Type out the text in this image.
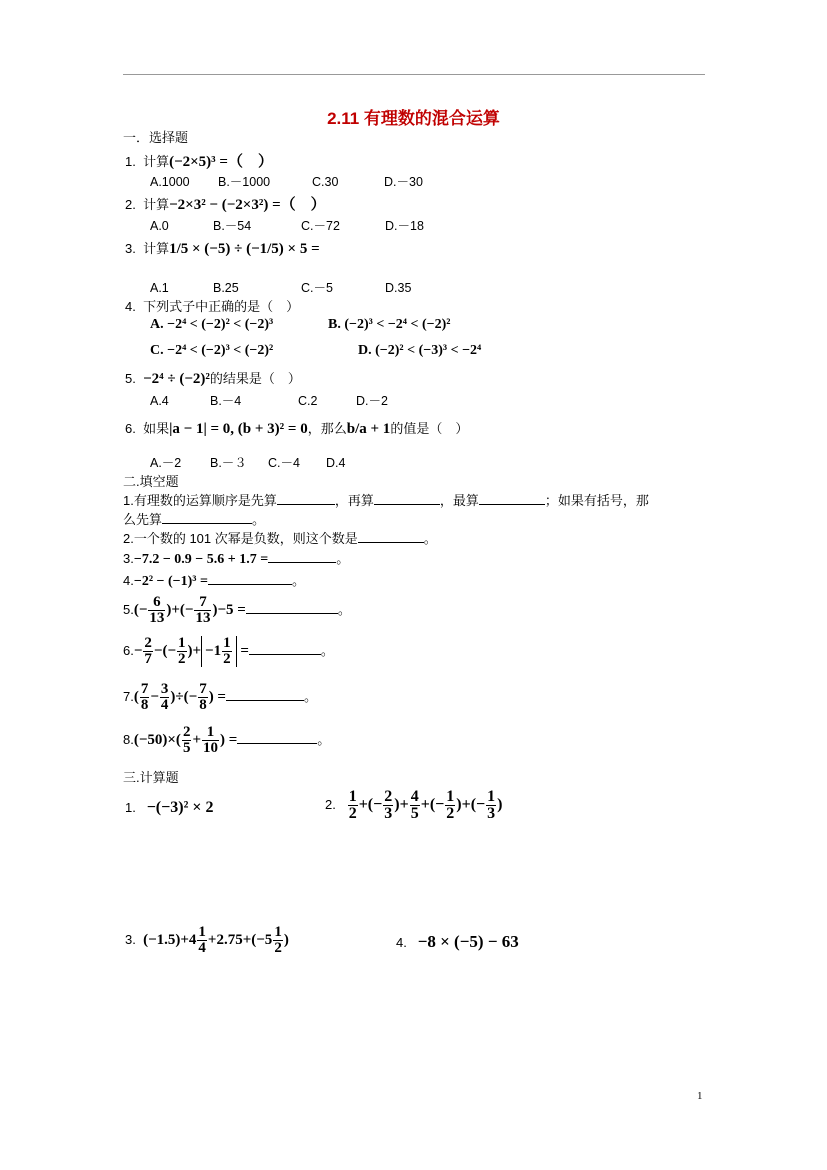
2.11 有理数的混合运算
一．选择题
1. 计算(−2×5)³ =（　）
A.1000 B.－1000	C.30	D.－30
2. 计算−2×3² − (−2×3²) =（　）
A.0	B.－54	C.－72	D.－18
3. 计算1/5 × (−5) ÷ (−1/5) × 5 =
A.1	B.25	C.－5	D.35
4. 下列式子中正确的是（　）
A. −2⁴ < (−2)² < (−2)³	B. (−2)³ < −2⁴ < (−2)²
C. −2⁴ < (−2)³ < (−2)²	D. (−2)² < (−3)³ < −2⁴
5. −2⁴ ÷ (−2)²的结果是（　）
A.4	B.－4	C.2	D.－2
6. 如果|a − 1| = 0, (b + 3)² = 0，那么b/a + 1的值是（　）
A.－2 B.－３ C.－4 D.4
二.填空题
1.有理数的运算顺序是先算	，再算	，最算	；如果有括号，那
么先算	。
2.一个数的 101 次幂是负数，则这个数是	。
3.−7.2 − 0.9 − 5.6 + 1.7 =	。
4.−2² − (−1)³ =	。
$5.(- \frac{6}{13}$ )+(− $\frac{7}{13} )-5$ =	。
$6.- \frac{2}{7}$ −(− $\frac{1}{2}$ )+ $-1 \frac{1}{2}$ =	。
$7.( \frac{7}{8} - \frac{3}{4}$ )÷(− $\frac{7}{8}$ ) =	。
$8.(-50)\times( \frac{2}{5} + \frac{1}{10}$ ) =	。
三.计算题
1. −(−3)² × 2	2. $\frac{1}{2}$ +(− $\frac{2}{3}$ )+ $\frac{4}{5}$ +(− $\frac{1}{2}$ )+(− $\frac{1}{3}$ )
3. $(-1.5)+4 \frac{1}{4} +2.75+(-5 \frac{1}{2}$ )	4. −8 × (−5) − 63
1
